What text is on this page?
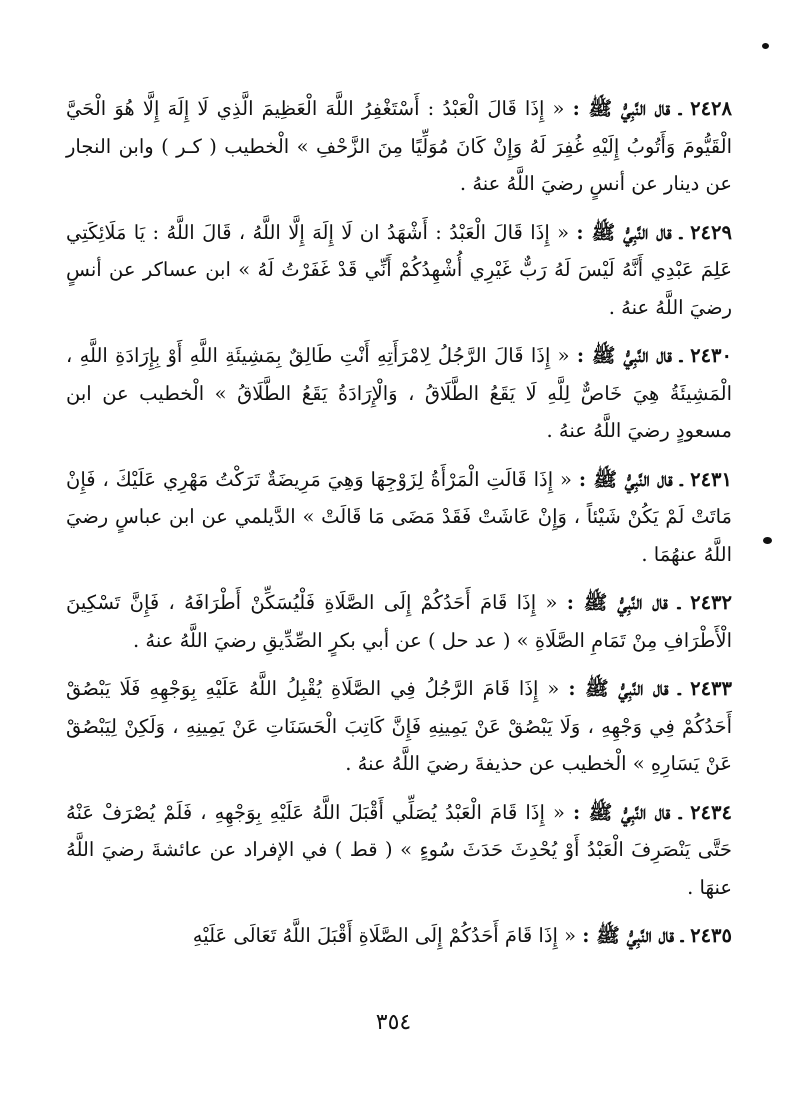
٢٤٢٨ ـ قال النَّبِيُّ ﷺ : « إِذَا قَالَ الْعَبْدُ : أَسْتَغْفِرُ اللَّهَ الْعَظِيمَ الَّذِي لَا إِلَهَ إِلَّا هُوَ الْحَيَّ الْقَيُّومَ وَأَتُوبُ إِلَيْهِ غُفِرَ لَهُ وَإِنْ كَانَ مُوَلِّيًا مِنَ الزَّحْفِ » الْخطيب ( كـر ) وابن النجار عن دينار عن أنسٍ رضيَ اللَّهُ عنهُ .

٢٤٢٩ ـ قال النَّبِيُّ ﷺ : « إِذَا قَالَ الْعَبْدُ : أَشْهَدُ ان لَا إِلَهَ إِلَّا اللَّهُ ، قَالَ اللَّهُ : يَا مَلَائِكَتِي عَلِمَ عَبْدِي أَنَّهُ لَيْسَ لَهُ رَبٌّ غَيْرِي أُشْهِدُكُمْ أَنِّي قَدْ غَفَرْتُ لَهُ » ابن عساكر عن أنسٍ رضيَ اللَّهُ عنهُ .

٢٤٣٠ ـ قال النَّبِيُّ ﷺ : « إِذَا قَالَ الرَّجُلُ لِامْرَأَتِهِ أَنْتِ طَالِقٌ بِمَشِيئَةِ اللَّهِ أَوْ بِإِرَادَةِ اللَّهِ ، الْمَشِيئَةُ هِيَ خَاصٌّ لِلَّهِ لَا يَقَعُ الطَّلَاقُ ، وَالْإِرَادَةُ يَقَعُ الطَّلَاقُ » الْخطيب عن ابن مسعودٍ رضيَ اللَّهُ عنهُ .

٢٤٣١ ـ قال النَّبِيُّ ﷺ : « إِذَا قَالَتِ الْمَرْأَةُ لِزَوْجِهَا وَهِيَ مَرِيضَةٌ تَرَكْتُ مَهْرِي عَلَيْكَ ، فَإِنْ مَاتَتْ لَمْ يَكُنْ شَيْئاً ، وَإِنْ عَاشَتْ فَقَدْ مَضَى مَا قَالَتْ » الدَّيلمي عن ابن عباسٍ رضيَ اللَّهُ عنهُمَا .

٢٤٣٢ ـ قال النَّبِيُّ ﷺ : « إِذَا قَامَ أَحَدُكُمْ إِلَى الصَّلَاةِ فَلْيُسَكِّنْ أَطْرَافَهُ ، فَإِنَّ تَسْكِينَ الْأَطْرَافِ مِنْ تَمَامِ الصَّلَاةِ » ( عد حل ) عن أبي بكرٍ الصِّدِّيقِ رضيَ اللَّهُ عنهُ .

٢٤٣٣ ـ قال النَّبِيُّ ﷺ : « إِذَا قَامَ الرَّجُلُ فِي الصَّلَاةِ يُقْبِلُ اللَّهُ عَلَيْهِ بِوَجْهِهِ فَلَا يَبْصُقْ أَحَدُكُمْ فِي وَجْهِهِ ، وَلَا يَبْصُقْ عَنْ يَمِينِهِ فَإِنَّ كَاتِبَ الْحَسَنَاتِ عَنْ يَمِينِهِ ، وَلَكِنْ لِيَبْصُقْ عَنْ يَسَارِهِ » الْخطيب عن حذيفةَ رضيَ اللَّهُ عنهُ .

٢٤٣٤ ـ قال النَّبِيُّ ﷺ : « إِذَا قَامَ الْعَبْدُ يُصَلِّي أَقْبَلَ اللَّهُ عَلَيْهِ بِوَجْهِهِ ، فَلَمْ يُصْرَفْ عَنْهُ حَتَّى يَنْصَرِفَ الْعَبْدُ أَوْ يُحْدِثَ حَدَثَ سُوءٍ » ( قط ) في الإفراد عن عائشةَ رضيَ اللَّهُ عنهَا .

٢٤٣٥ ـ قال النَّبِيُّ ﷺ : « إِذَا قَامَ أَحَدُكُمْ إِلَى الصَّلَاةِ أَقْبَلَ اللَّهُ تَعَالَى عَلَيْهِ

٣٥٤
